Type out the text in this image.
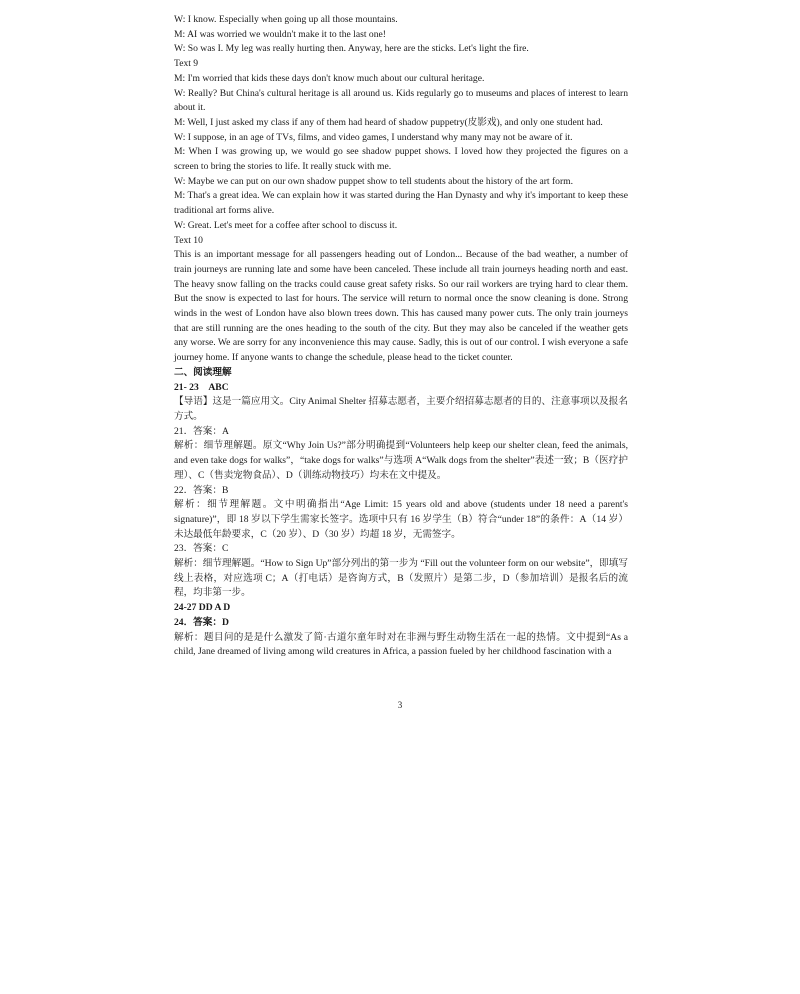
W: I know. Especially when going up all those mountains.
M: AI was worried we wouldn't make it to the last one!
W: So was I. My leg was really hurting then. Anyway, here are the sticks. Let's light the fire.
Text 9
M: I'm worried that kids these days don't know much about our cultural heritage.
W: Really? But China's cultural heritage is all around us. Kids regularly go to museums and places of interest to learn about it.
M: Well, I just asked my class if any of them had heard of shadow puppetry(皮影戏), and only one student had.
W: I suppose, in an age of TVs, films, and video games, I understand why many may not be aware of it.
M: When I was growing up, we would go see shadow puppet shows. I loved how they projected the figures on a screen to bring the stories to life. It really stuck with me.
W: Maybe we can put on our own shadow puppet show to tell students about the history of the art form.
M: That's a great idea. We can explain how it was started during the Han Dynasty and why it's important to keep these traditional art forms alive.
W: Great. Let's meet for a coffee after school to discuss it.
Text 10
This is an important message for all passengers heading out of London... Because of the bad weather, a number of train journeys are running late and some have been canceled. These include all train journeys heading north and east. The heavy snow falling on the tracks could cause great safety risks. So our rail workers are trying hard to clear them. But the snow is expected to last for hours. The service will return to normal once the snow cleaning is done. Strong winds in the west of London have also blown trees down. This has caused many power cuts. The only train journeys that are still running are the ones heading to the south of the city. But they may also be canceled if the weather gets any worse. We are sorry for any inconvenience this may cause. Sadly, this is out of our control. I wish everyone a safe journey home. If anyone wants to change the schedule, please head to the ticket counter.
二、阅读理解
21- 23　ABC
【导语】这是一篇应用文。City Animal Shelter 招募志愿者，主要介绍招募志愿者的目的、注意事项以及报名方式。
21．答案：A
解析：细节理解题。原文“Why Join Us?”部分明确提到“Volunteers help keep our shelter clean, feed the animals, and even take dogs for walks”，“take dogs for walks”与选项 A“Walk dogs from the shelter”表述一致；B（医疗护理）、C（售卖宠物食品）、D（训练动物技巧）均未在文中提及。
22．答案：B
解析：细节理解题。文中明确指出“Age Limit: 15 years old and above (students under 18 need a parent's signature)”，即 18 岁以下学生需家长签字。选项中只有 16 岁学生（B）符合“under 18”的条件：A（14 岁）未达最低年龄要求，C（20 岁）、D（30 岁）均超 18 岁，无需签字。
23．答案：C
解析：细节理解题。“How to Sign Up”部分列出的第一步为 “Fill out the volunteer form on our website”，即填写线上表格，对应选项 C；A（打电话）是咨询方式，B（发照片）是第二步，D（参加培训）是报名后的流程，均非第一步。
24-27 DD A D
24．答案：D
解析：题目问的是是什么激发了简·古道尔童年时对在非洲与野生动物生活在一起的热情。文中提到“As a child, Jane dreamed of living among wild creatures in Africa, a passion fueled by her childhood fascination with a
3
